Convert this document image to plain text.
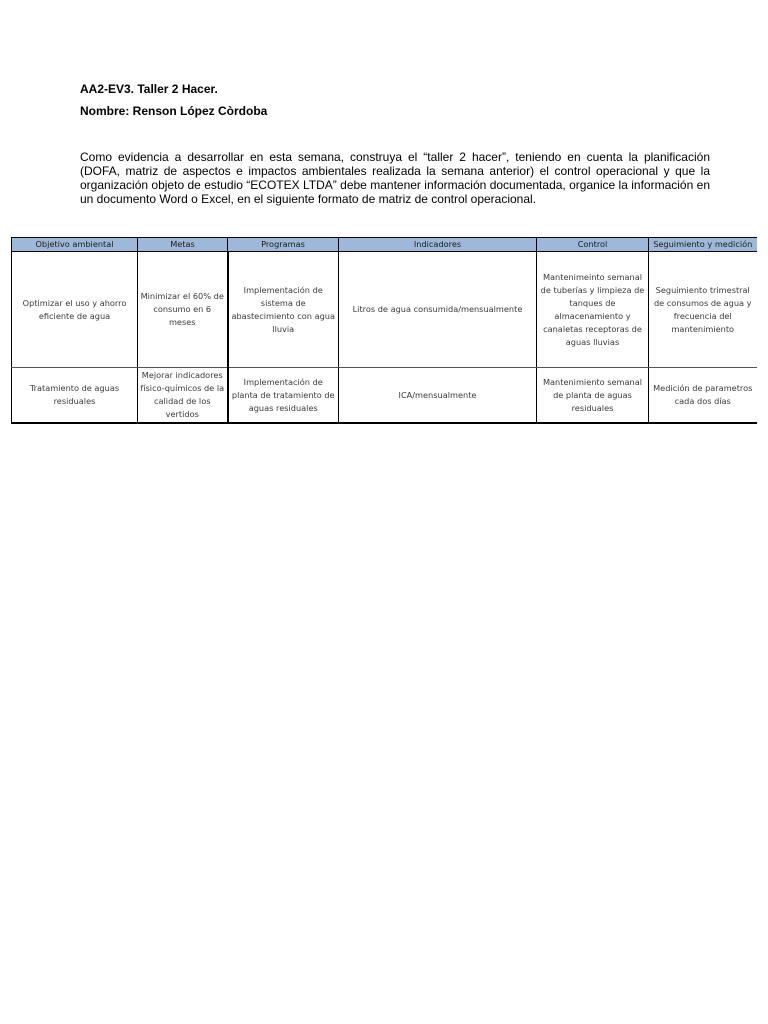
AA2-EV3. Taller 2 Hacer.
Nombre: Renson López Còrdoba
Como evidencia a desarrollar en esta semana, construya el “taller 2 hacer”, teniendo en cuenta la planificación (DOFA, matriz de aspectos e impactos ambientales realizada la semana anterior) el control operacional y que la organización objeto de estudio “ECOTEX LTDA” debe mantener información documentada, organice la información en un documento Word o Excel, en el siguiente formato de matriz de control operacional.
Objetivo ambiental	Metas	Programas	Indicadores	Control	Seguimiento y medición
Optimizar el uso y ahorro eficiente de agua	Minimizar el 60% de consumo en 6 meses	Implementación de sistema de abastecimiento con agua lluvia	Litros de agua consumida/mensualmente	Mantenimeinto semanal de tuberías y limpieza de tanques de almacenamiento y canaletas receptoras de aguas lluvias	Seguimiento trimestral de consumos de agua y frecuencia del mantenimiento
Tratamiento de aguas residuales	Mejorar indicadores físico-químicos de la calidad de los vertidos	Implementación de planta de tratamiento de aguas residuales	ICA/mensualmente	Mantenimiento semanal de planta de aguas residuales	Medición de parametros cada dos días
